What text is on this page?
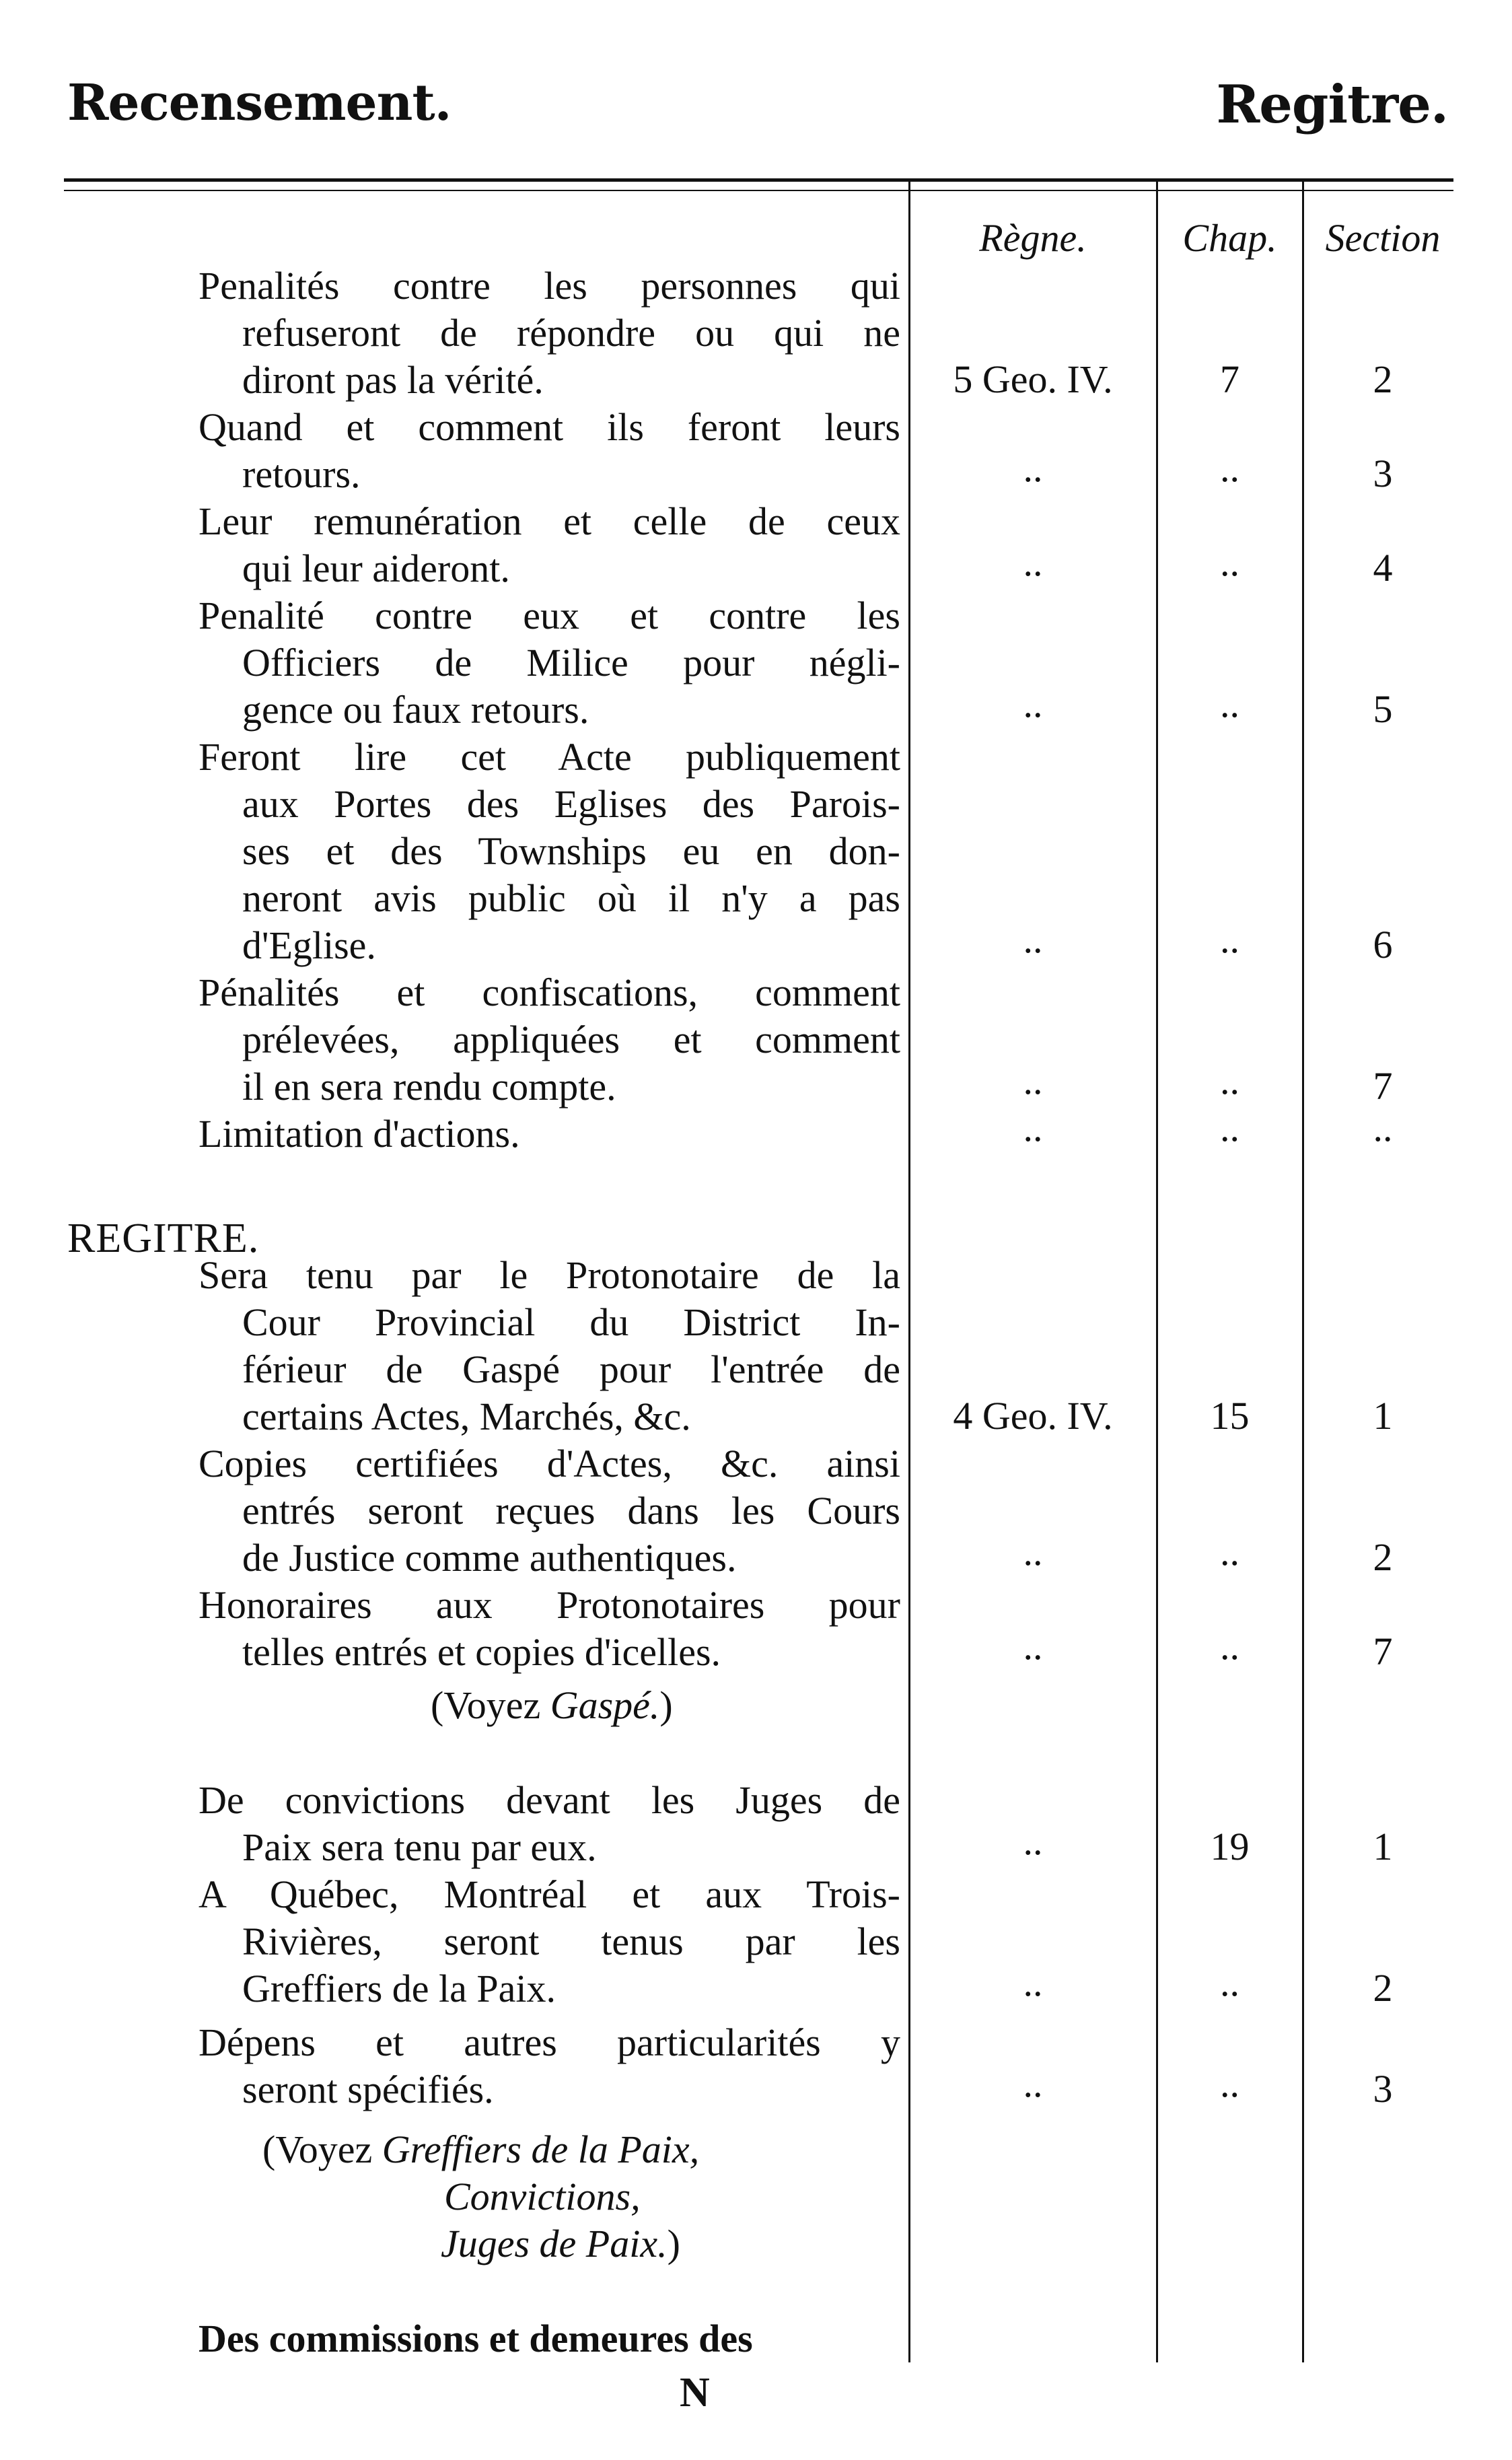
Recensement.	Regitre.
Règne.	Chap.	Section
REGITRE.
Penalités contre les personnes qui
refuseront de répondre ou qui ne
diront pas la vérité.	5 Geo. IV.	7	2
Quand et comment ils feront leurs
retours.	..	..	3
Leur remunération et celle de ceux
qui leur aideront.	..	..	4
Penalité contre eux et contre les
Officiers de Milice pour négli-
gence ou faux retours.	..	..	5
Feront lire cet Acte publiquement
aux Portes des Eglises des Parois-
ses et des Townships eu en don-
neront avis public où il n'y a pas
d'Eglise.	..	..	6
Pénalités et confiscations, comment
prélevées, appliquées et comment
il en sera rendu compte.	..	..	7
Limitation d'actions.	..	..	..
Sera tenu par le Protonotaire de la
Cour Provincial du District In-
férieur de Gaspé pour l'entrée de
certains Actes, Marchés, &c.	4 Geo. IV.	15	1
Copies certifiées d'Actes, &c. ainsi
entrés seront reçues dans les Cours
de Justice comme authentiques.	..	..	2
Honoraires aux Protonotaires pour
telles entrés et copies d'icelles.	..	..	7
De convictions devant les Juges de
Paix sera tenu par eux.	..	19	1
A Québec, Montréal et aux Trois-
Rivières, seront tenus par les
Greffiers de la Paix.	..	..	2
Dépens et autres particularités y
seront spécifiés.	..	..	3
Des commissions et demeures des
(Voyez Gaspé.)
(Voyez Greffiers de la Paix,
Convictions,
Juges de Paix.)
N
